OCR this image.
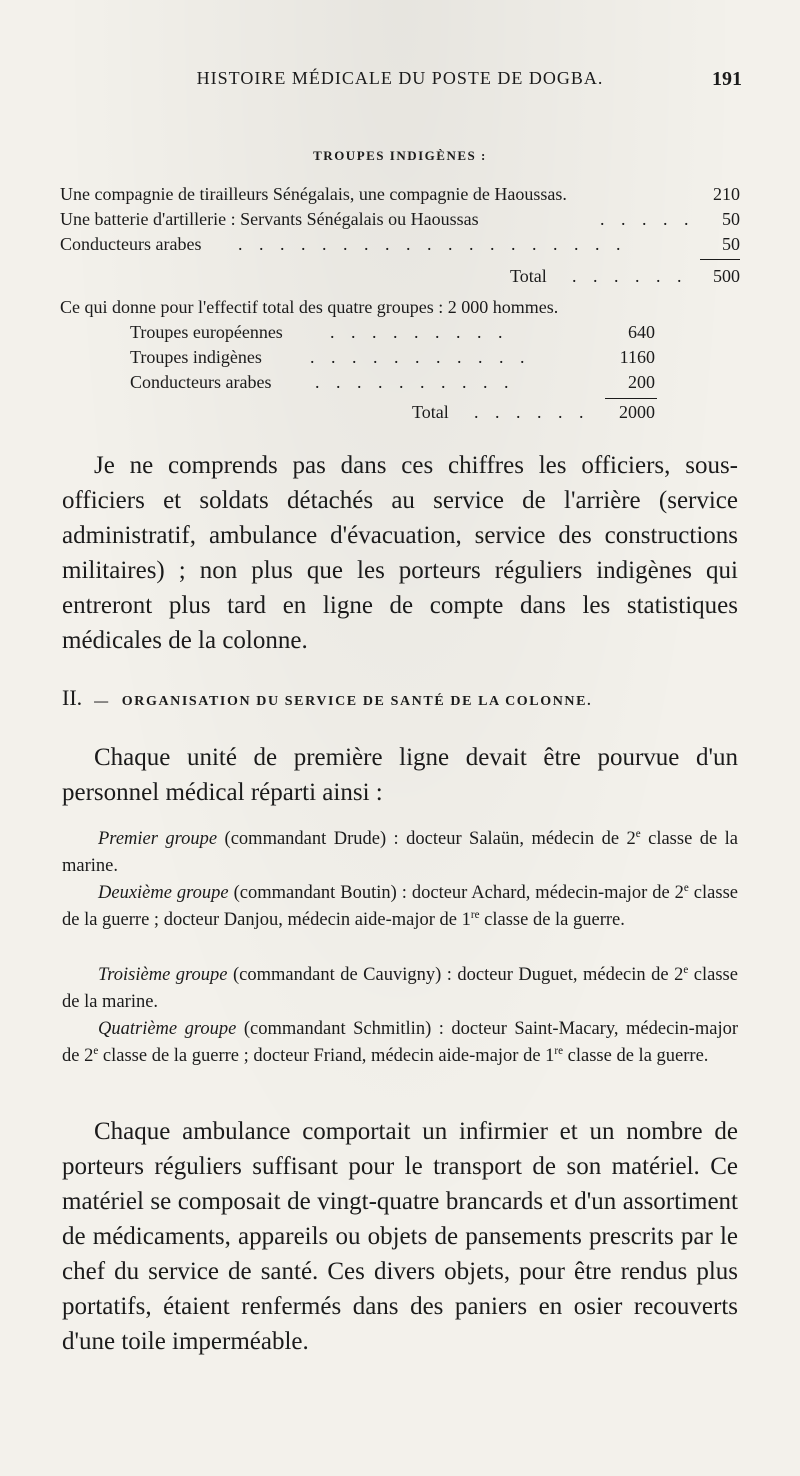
HISTOIRE MÉDICALE DU POSTE DE DOGBA.	191
TROUPES INDIGÈNES :
Une compagnie de tirailleurs Sénégalais, une compagnie de Haoussas.	210
Une batterie d'artillerie : Servants Sénégalais ou Haoussas	. . . . . 50
Conducteurs arabes . . . . . . . . . . . . . . . . . . .	50
Total . . . . . . 500
Ce qui donne pour l'effectif total des quatre groupes : 2 000 hommes.
Troupes européennes	. . . . . . . . .	640
Troupes indigènes	. . . . . . . . . . .	1160
Conducteurs arabes . . . . . . . . . .	200
Total . . . . . . 2000
Je ne comprends pas dans ces chiffres les officiers, sous-officiers et soldats détachés au service de l'arrière (service administratif, ambulance d'évacuation, service des constructions militaires) ; non plus que les porteurs réguliers indigènes qui entreront plus tard en ligne de compte dans les statistiques médicales de la colonne.
II. — ORGANISATION DU SERVICE DE SANTÉ DE LA COLONNE.
Chaque unité de première ligne devait être pourvue d'un personnel médical réparti ainsi :
Premier groupe (commandant Drude) : docteur Salaün, médecin de 2e classe de la marine.
Deuxième groupe (commandant Boutin) : docteur Achard, médecin-major de 2e classe de la guerre ; docteur Danjou, médecin aide-major de 1re classe de la guerre.
Troisième groupe (commandant de Cauvigny) : docteur Duguet, médecin de 2e classe de la marine.
Quatrième groupe (commandant Schmitlin) : docteur Saint-Macary, médecin-major de 2e classe de la guerre ; docteur Friand, médecin aide-major de 1re classe de la guerre.
Chaque ambulance comportait un infirmier et un nombre de porteurs réguliers suffisant pour le transport de son matériel. Ce matériel se composait de vingt-quatre brancards et d'un assortiment de médicaments, appareils ou objets de pansements prescrits par le chef du service de santé. Ces divers objets, pour être rendus plus portatifs, étaient renfermés dans des paniers en osier recouverts d'une toile imperméable.
